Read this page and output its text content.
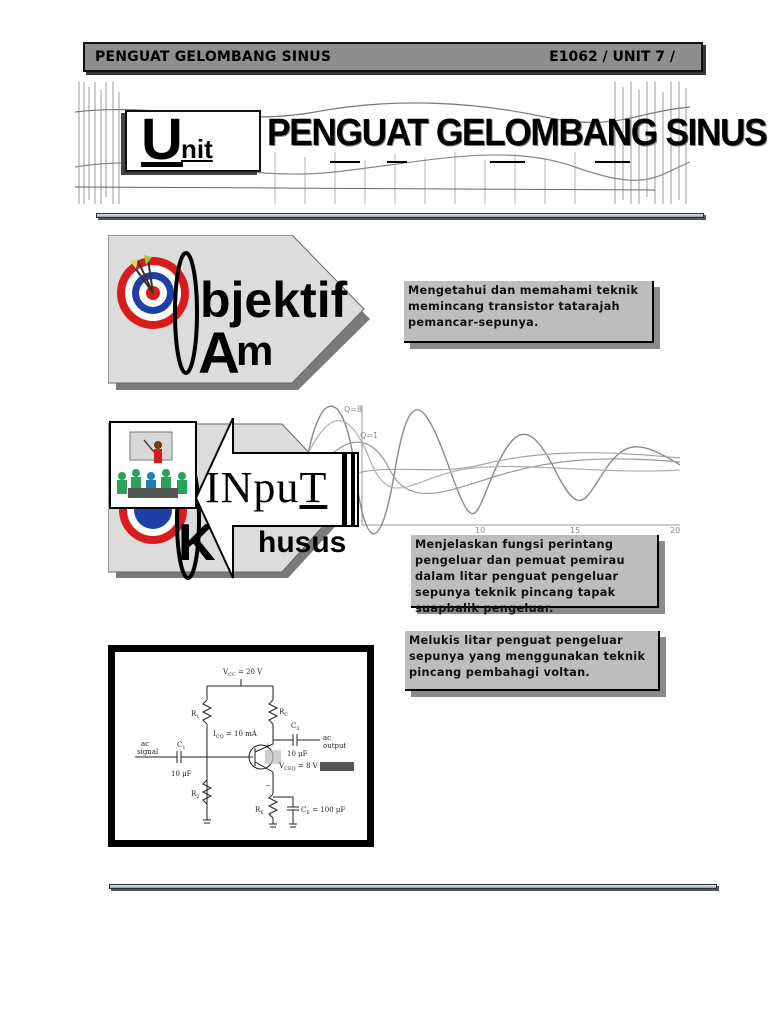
PENGUAT GELOMBANG SINUS	E1062 / UNIT 7 /
U
nit PENGUAT GELOMBANG SINUS
bjektif
A
m
Mengetahui dan memahami teknik memincang transistor tatarajah pemancar-sepunya.
Q=8
Q=1
10	15	20
K husus
INpuT
Menjelaskan fungsi perintang pengeluar dan pemuat pemirau dalam litar penguat pengeluar sepunya teknik pincang tapak suapbalik pengeluar.
Melukis litar penguat pengeluar sepunya yang menggunakan teknik pincang pembahagi voltan.
$V_{CC} = 20$ V
$R_1$
$R_C$
$I_{CQ} = 10$ mA
$C_2$
10 μF
ac
output
ac
signal
$C_1$
10 μF
$V_{CEQ} = 8$ V
$R_2$
$R_E$	$C_E = 100$ μF
+
−
